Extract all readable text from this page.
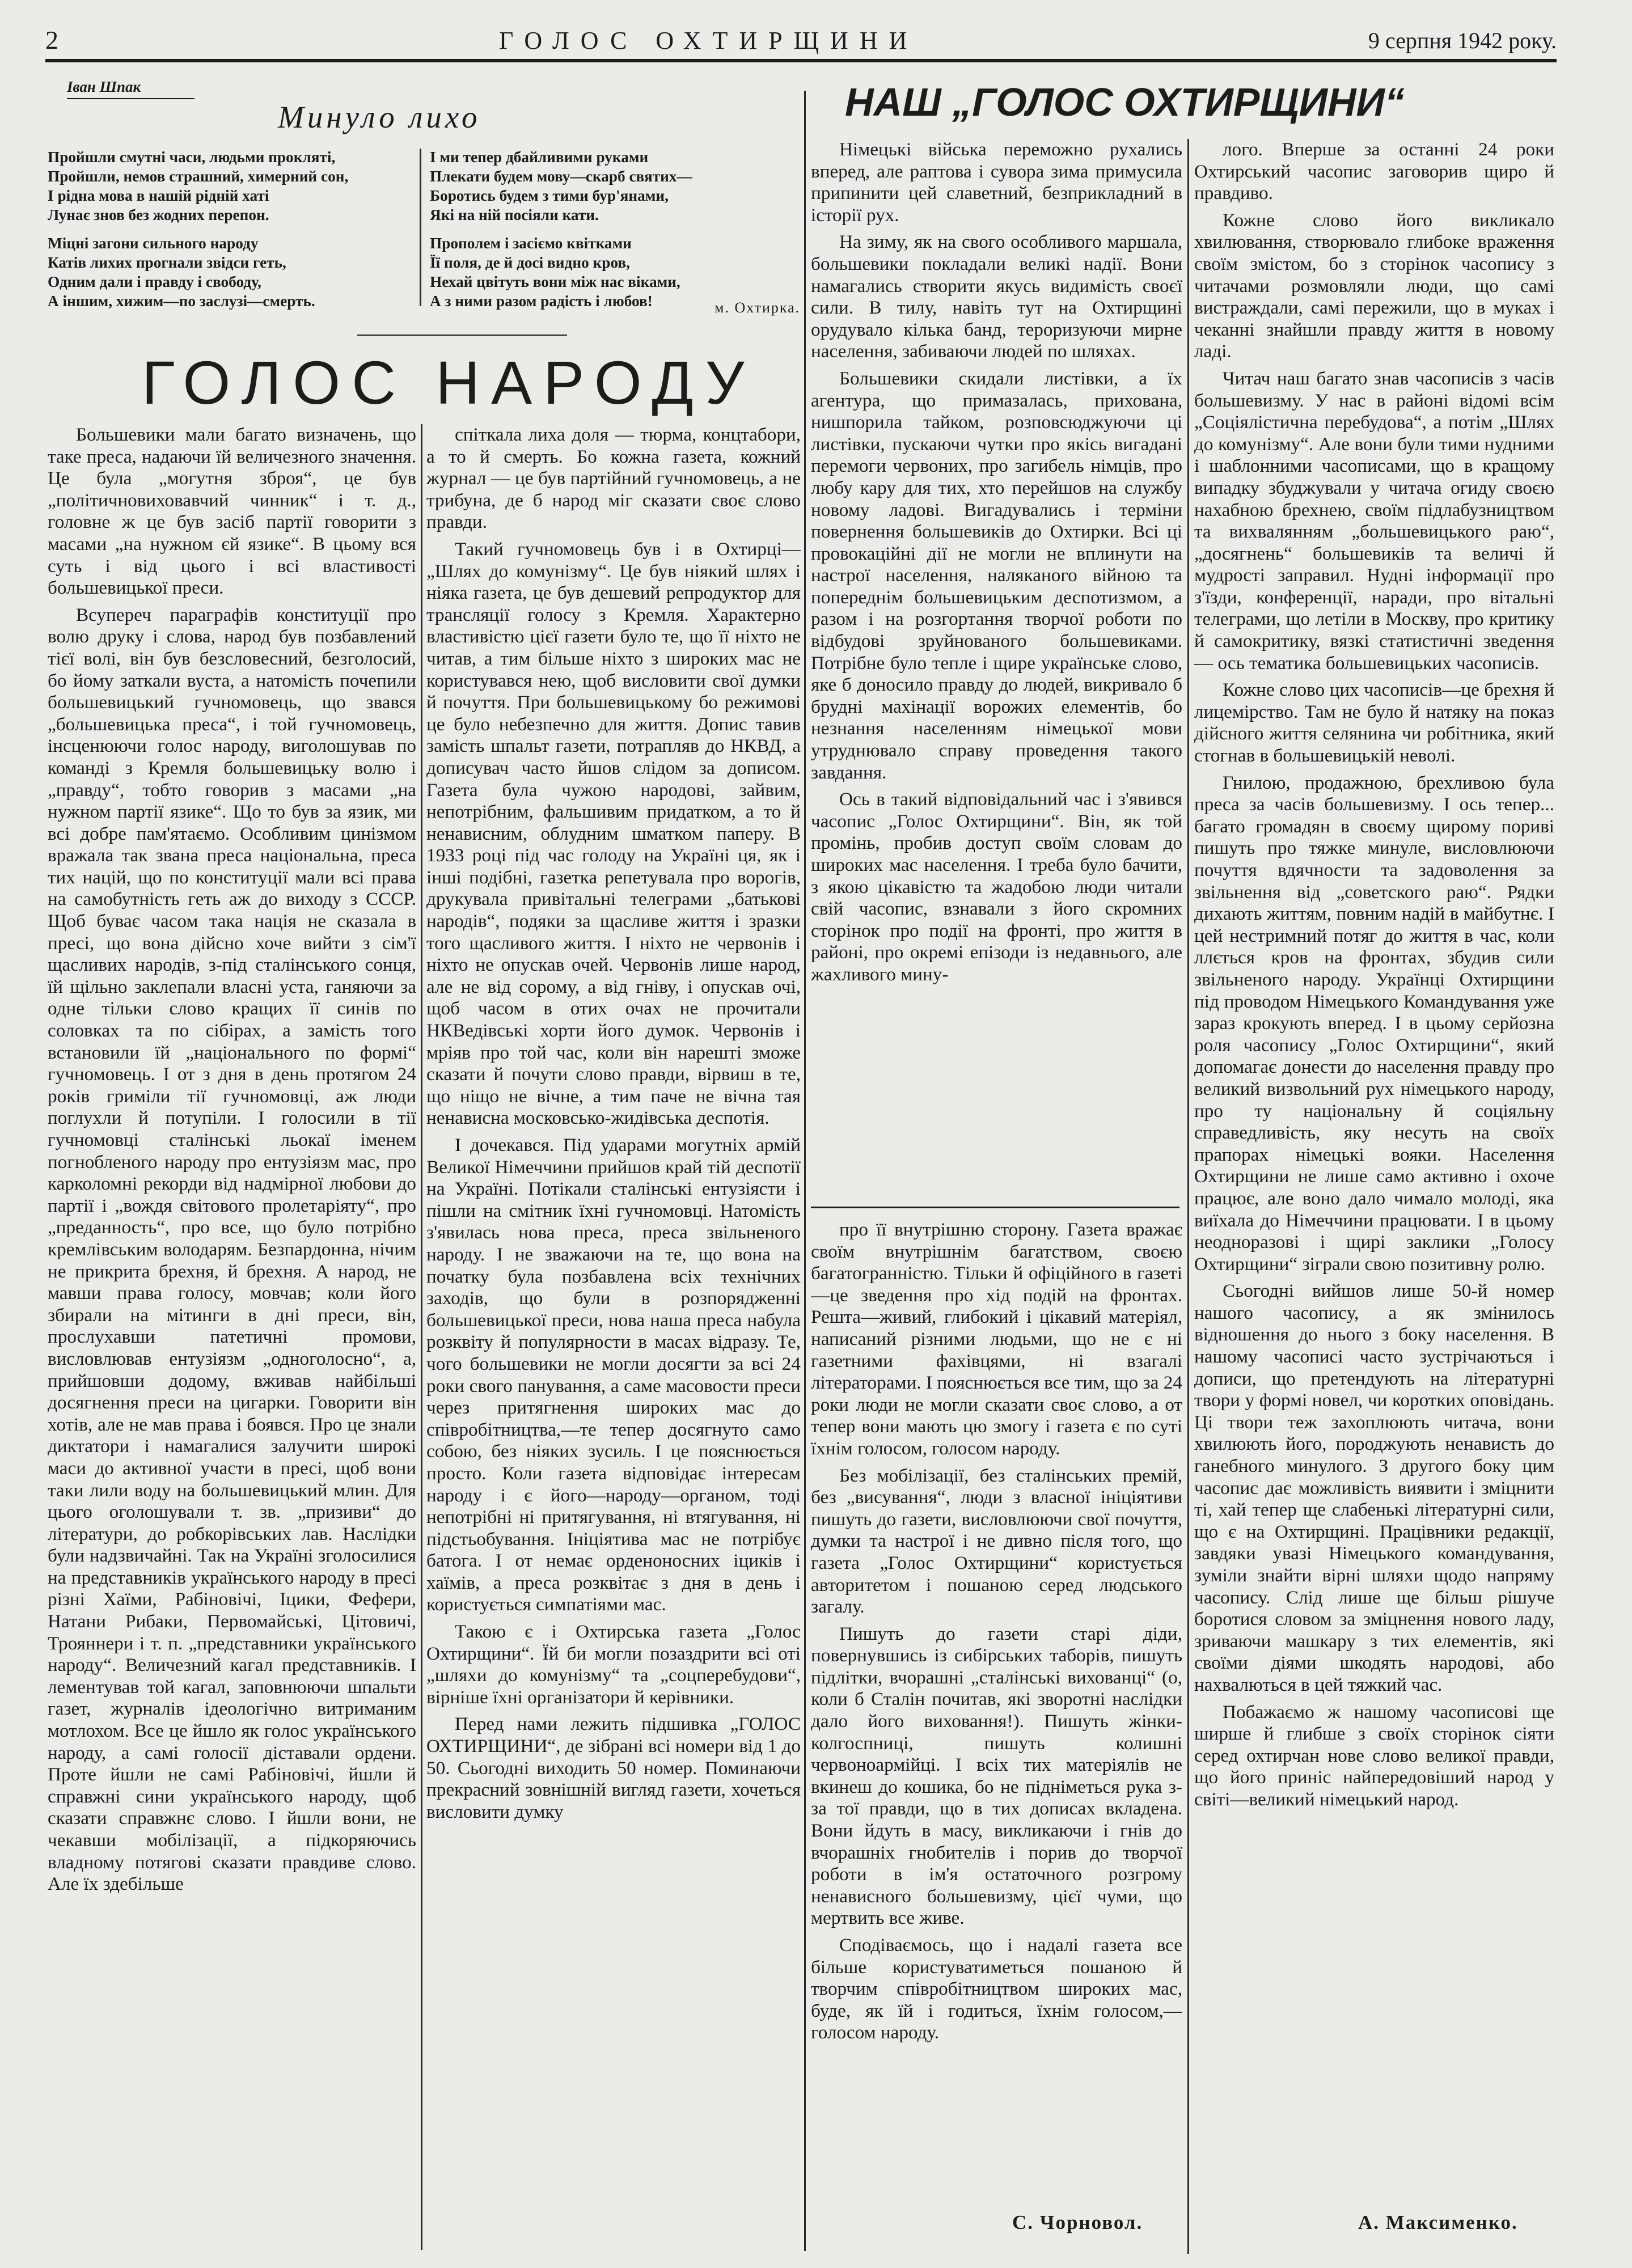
2	ГОЛОС ОХТИРЩИНИ	9 серпня 1942 року.
Іван Шпак
Минуло лихо

Пройшли смутні часи, людьми прокляті,
Пройшли, немов страшний, химерний сон,
І рідна мова в нашій рідній хаті
Лунає знов без жодних перепон.

Міцні загони сильного народу
Катів лихих прогнали звідси геть,
Одним дали і правду і свободу,
А іншим, хижим—по заслузі—смерть.

І ми тепер дбайливими руками
Плекати будем мову—скарб святих—
Боротись будем з тими бур'янами,
Які на ній посіяли кати.

Прополем і засіємо квітками
Її поля, де й досі видно кров,
Нехай цвітуть вони між нас віками,
А з ними разом радість і любов!	м. Охтирка.
ГОЛОС НАРОДУ

Большевики мали багато визначень, що таке преса, надаючи їй величезного значення. Це була „могутня зброя“, це був „політичновиховавчий чинник“ і т. д., головне ж це був засіб партії говорити з масами „на нужном єй язике“. В цьому вся суть і від цього і всі властивості большевицької преси.

Всупереч параграфів конституції про волю друку і слова, народ був позбавлений тієї волі, він був безсловесний, безголосий, бо йому заткали вуста, а натомість почепили большевицький гучномовець, що звався „большевицька преса“, і той гучномовець, інсценюючи голос народу, виголошував по команді з Кремля большевицьку волю і „правду“, тобто говорив з масами „на нужном партії язике“. Що то був за язик, ми всі добре пам'ятаємо. Особливим цинізмом вражала так звана преса національна, преса тих націй, що по конституції мали всі права на самобутність геть аж до виходу з СССР. Щоб буває часом така нація не сказала в пресі, що вона дійсно хоче вийти з сім'ї щасливих народів, з-під сталінського сонця, їй щільно заклепали власні уста, ганяючи за одне тільки слово кращих її синів по соловках та по сібірах, а замість того встановили їй „національного по формі“ гучномовець. І от з дня в день протягом 24 років гриміли тії гучномовці, аж люди поглухли й потупіли. І голосили в тії гучномовці сталінські льокаї іменем погнобленого народу про ентузіязм мас, про карколомні рекорди від надмірної любови до партії і „вождя світового пролетаріяту“, про „преданность“, про все, що було потрібно кремлівським володарям. Безпардонна, нічим не прикрита брехня, й брехня. А народ, не мавши права голосу, мовчав; коли його збирали на мітинги в дні преси, він, прослухавши патетичні промови, висловлював ентузіязм „одноголосно“, а, прийшовши додому, вживав найбільші досягнення преси на цигарки. Говорити він хотів, але не мав права і боявся. Про це знали диктатори і намагалися залучити широкі маси до активної участи в пресі, щоб вони таки лили воду на большевицький млин. Для цього оголошували т. зв. „призиви“ до літератури, до робкорівських лав. Наслідки були надзвичайні. Так на Україні зголосилися на представників українського народу в пресі різні Хаїми, Рабіновічі, Іцики, Фефери, Натани Рибаки, Первомайські, Цітовичі, Трояннери і т. п. „представники українського народу“. Величезний кагал представників. І лементував той кагал, заповнюючи шпальти газет, журналів ідеологічно витриманим мотлохом. Все це йшло як голос українського народу, а самі голосії діставали ордени. Проте йшли не самі Рабіновічі, йшли й справжні сини українського народу, щоб сказати справжнє слово. І йшли вони, не чекавши мобілізації, а підкоряючись владному потягові сказати правдиве слово. Але їх здебільше

спіткала лиха доля — тюрма, концтабори, а то й смерть. Бо кожна газета, кожний журнал — це був партійний гучномовець, а не трибуна, де б народ міг сказати своє слово правди.

Такий гучномовець був і в Охтирці—„Шлях до комунізму“. Це був ніякий шлях і ніяка газета, це був дешевий репродуктор для трансляції голосу з Кремля. Характерно властивістю цієї газети було те, що її ніхто не читав, а тим більше ніхто з широких мас не користувався нею, щоб висловити свої думки й почуття. При большевицькому бо режимові це було небезпечно для життя. Допис тавив замість шпальт газети, потрапляв до НКВД, а дописувач часто йшов слідом за дописом. Газета була чужою народові, зайвим, непотрібним, фальшивим придатком, а то й ненависним, облудним шматком паперу. В 1933 році під час голоду на Україні ця, як і інші подібні, газетка репетувала про ворогів, друкувала привітальні телеграми „батькові народів“, подяки за щасливе життя і зразки того щасливого життя. І ніхто не червонів і ніхто не опускав очей. Червонів лише народ, але не від сорому, а від гніву, і опускав очі, щоб часом в отих очах не прочитали НКВедівські хорти його думок. Червонів і мріяв про той час, коли він нарешті зможе сказати й почути слово правди, вірвиш в те, що ніщо не вічне, а тим паче не вічна тая ненависна московсько-жидівська деспотія.

І дочекався. Під ударами могутніх армій Великої Німеччини прийшов край тій деспотії на Україні. Потікали сталінські ентузіясти і пішли на смітник їхні гучномовці. Натомість з'явилась нова преса, преса звільненого народу. І не зважаючи на те, що вона на початку була позбавлена всіх технічних заходів, що були в розпорядженні большевицької преси, нова наша преса набула розквіту й популярности в масах відразу. Те, чого большевики не могли досягти за всі 24 роки свого панування, а саме масовости преси через притягнення широких мас до співробітництва,—те тепер досягнуто само собою, без ніяких зусиль. І це пояснюється просто. Коли газета відповідає інтересам народу і є його—народу—органом, тоді непотрібні ні притягування, ні втягування, ні підстьобування. Ініціятива мас не потрібує батога. І от немає орденоносних іциків і хаїмів, а преса розквітає з дня в день і користується симпатіями мас.

Такою є і Охтирська газета „Голос Охтирщини“. Їй би могли позаздрити всі оті „шляхи до комунізму“ та „соцперебудови“, вірніше їхні організатори й керівники.

Перед нами лежить підшивка „ГОЛОС ОХТИРЩИНИ“, де зібрані всі номери від 1 до 50. Сьогодні виходить 50 номер. Поминаючи прекрасний зовнішній вигляд газети, хочеться висловити думку

НАШ „ГОЛОС ОХТИРЩИНИ“

Німецькі війська переможно рухались вперед, але раптова і сувора зима примусила припинити цей славетний, безприкладний в історії рух.

На зиму, як на свого особливого маршала, большевики покладали великі надії. Вони намагались створити якусь видимість своєї сили. В тилу, навіть тут на Охтирщині орудувало кілька банд, тероризуючи мирне населення, забиваючи людей по шляхах.

Большевики скидали листівки, а їх агентура, що примазалась, прихована, нишпорила тайком, розповсюджуючи ці листівки, пускаючи чутки про якісь вигадані перемоги червоних, про загибель німців, про любу кару для тих, хто перейшов на службу новому ладові. Вигадувались і терміни повернення большевиків до Охтирки. Всі ці провокаційні дії не могли не вплинути на настрої населення, наляканого війною та попереднім большевицьким деспотизмом, а разом і на розгортання творчої роботи по відбудові зруйнованого большевиками. Потрібне було тепле і щире українське слово, яке б доносило правду до людей, викривало б брудні махінації ворожих елементів, бо незнання населенням німецької мови утруднювало справу проведення такого завдання.

Ось в такий відповідальний час і з'явився часопис „Голос Охтирщини“. Він, як той промінь, пробив доступ своїм словам до широких мас населення. І треба було бачити, з якою цікавістю та жадобою люди читали свій часопис, взнавали з його скромних сторінок про події на фронті, про життя в районі, про окремі епізоди із недавнього, але жахливого мину-

про її внутрішню сторону. Газета вражає своїм внутрішнім багатством, своєю багатогранністю. Тільки й офіційного в газеті—це зведення про хід подій на фронтах. Решта—живий, глибокий і цікавий матеріял, написаний різними людьми, що не є ні газетними фахівцями, ні взагалі літераторами. І пояснюється все тим, що за 24 роки люди не могли сказати своє слово, а от тепер вони мають цю змогу і газета є по суті їхнім голосом, голосом народу.

Без мобілізації, без сталінських премій, без „висування“, люди з власної ініціятиви пишуть до газети, висловлюючи свої почуття, думки та настрої і не дивно після того, що газета „Голос Охтирщини“ користується авторитетом і пошаною серед людського загалу.

Пишуть до газети старі діди, повернувшись із сибірських таборів, пишуть підлітки, вчорашні „сталінські вихованці“ (о, коли б Сталін почитав, які зворотні наслідки дало його виховання!). Пишуть жінки-колгоспниці, пишуть колишні червоноармійці. І всіх тих матеріялів не вкинеш до кошика, бо не підніметься рука з-за тої правди, що в тих дописах вкладена. Вони йдуть в масу, викликаючи і гнів до вчорашніх гнобителів і порив до творчої роботи в ім'я остаточного розгрому ненависного большевизму, цієї чуми, що мертвить все живе.

Сподіваємось, що і надалі газета все більше користуватиметься пошаною й творчим співробітництвом широких мас, буде, як їй і годиться, їхнім голосом,—голосом народу.

С. Чорновол.

лого. Вперше за останні 24 роки Охтирський часопис заговорив щиро й правдиво.

Кожне слово його викликало хвилювання, створювало глибоке враження своїм змістом, бо з сторінок часопису з читачами розмовляли люди, що самі вистраждали, самі пережили, що в муках і чеканні знайшли правду життя в новому ладі.

Читач наш багато знав часописів з часів большевизму. У нас в районі відомі всім „Соціялістична перебудова“, а потім „Шлях до комунізму“. Але вони були тими нудними і шаблонними часописами, що в кращому випадку збуджували у читача огиду своєю нахабною брехнею, своїм підлабузництвом та вихвалянням „большевицького раю“, „досягнень“ большевиків та величі й мудрості заправил. Нудні інформації про з'їзди, конференції, наради, про вітальні телеграми, що летіли в Москву, про критику й самокритику, вязкі статистичні зведення — ось тематика большевицьких часописів.

Кожне слово цих часописів—це брехня й лицемірство. Там не було й натяку на показ дійсного життя селянина чи робітника, який стогнав в большевицькій неволі.

Гнилою, продажною, брехливою була преса за часів большевизму. І ось тепер... багато громадян в своєму щирому пориві пишуть про тяжке минуле, висловлюючи почуття вдячности та задоволення за звільнення від „советского раю“. Рядки дихають життям, повним надій в майбутнє. І цей нестримний потяг до життя в час, коли ллється кров на фронтах, збудив сили звільненого народу. Українці Охтирщини під проводом Німецького Командування уже зараз крокують вперед. І в цьому серйозна роля часопису „Голос Охтирщини“, який допомагає донести до населення правду про великий визвольний рух німецького народу, про ту національну й соціяльну справедливість, яку несуть на своїх прапорах німецькі вояки. Населення Охтирщини не лише само активно і охоче працює, але воно дало чимало молоді, яка виїхала до Німеччини працювати. І в цьому неодноразові і щирі заклики „Голосу Охтирщини“ зіграли свою позитивну ролю.

Сьогодні вийшов лише 50-й номер нашого часопису, а як змінилось відношення до нього з боку населення. В нашому часописі часто зустрічаються і дописи, що претендують на літературні твори у формі новел, чи коротких оповідань. Ці твори теж захоплюють читача, вони хвилюють його, породжують ненависть до ганебного минулого. З другого боку цим часопис дає можливість виявити і зміцнити ті, хай тепер ще слабенькі літературні сили, що є на Охтирщині. Працівники редакції, завдяки увазі Німецького командування, зуміли знайти вірні шляхи щодо напряму часопису. Слід лише ще більш рішуче боротися словом за зміцнення нового ладу, зриваючи машкару з тих елементів, які своїми діями шкодять народові, або нахвалються в цей тяжкий час.

Побажаємо ж нашому часописові ще ширше й глибше з своїх сторінок сіяти серед охтирчан нове слово великої правди, що його приніс найпередовіший народ у світі—великий німецький народ.

А. Максименко.
